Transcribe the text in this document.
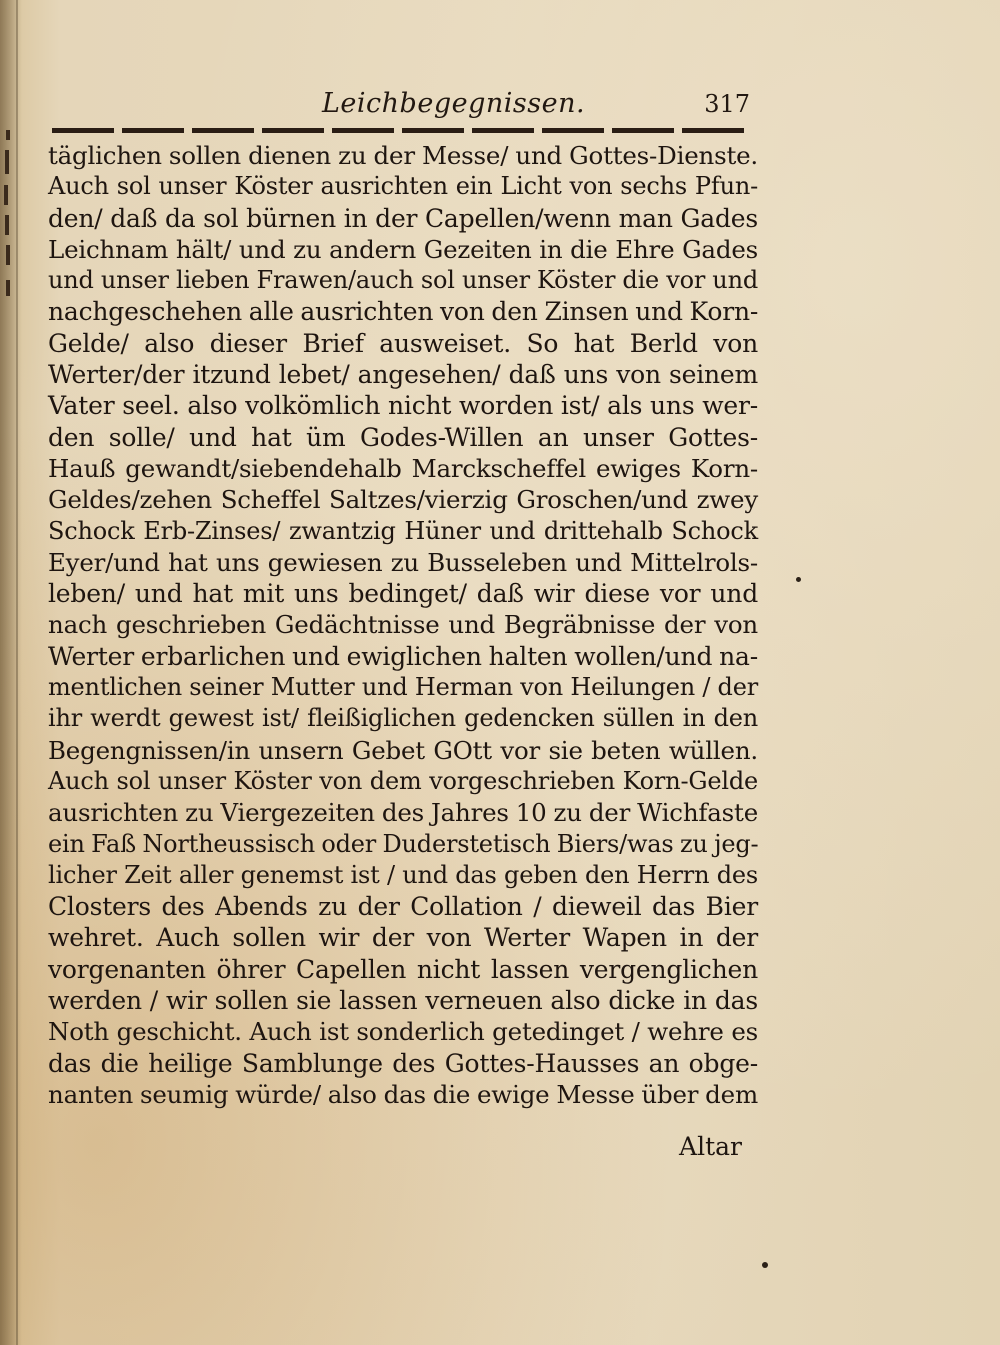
Leichbegegnissen.	317
täglichen sollen dienen zu der Messe/ und Gottes-Dienste.
Auch sol unser Köster ausrichten ein Licht von sechs Pfun-
den/ daß da sol bürnen in der Capellen/wenn man Gades
Leichnam hält/ und zu andern Gezeiten in die Ehre Gades
und unser lieben Frawen/auch sol unser Köster die vor und
nachgeschehen alle ausrichten von den Zinsen und Korn-
Gelde/ also dieser Brief ausweiset. So hat Berld von
Werter/der itzund lebet/ angesehen/ daß uns von seinem
Vater seel. also volkömlich nicht worden ist/ als uns wer-
den solle/ und hat üm Godes-Willen an unser Gottes-
Hauß gewandt/siebendehalb Marckscheffel ewiges Korn-
Geldes/zehen Scheffel Saltzes/vierzig Groschen/und zwey
Schock Erb-Zinses/ zwantzig Hüner und drittehalb Schock
Eyer/und hat uns gewiesen zu Busseleben und Mittelrols-
leben/ und hat mit uns bedinget/ daß wir diese vor und
nach geschrieben Gedächtnisse und Begräbnisse der von
Werter erbarlichen und ewiglichen halten wollen/und na-
mentlichen seiner Mutter und Herman von Heilungen / der
ihr werdt gewest ist/ fleißiglichen gedencken süllen in den
Begengnissen/in unsern Gebet GOtt vor sie beten wüllen.
Auch sol unser Köster von dem vorgeschrieben Korn-Gelde
ausrichten zu Viergezeiten des Jahres 10 zu der Wichfaste
ein Faß Northeussisch oder Duderstetisch Biers/was zu jeg-
licher Zeit aller genemst ist / und das geben den Herrn des
Closters des Abends zu der Collation / dieweil das Bier
wehret. Auch sollen wir der von Werter Wapen in der
vorgenanten öhrer Capellen nicht lassen vergenglichen
werden / wir sollen sie lassen verneuen also dicke in das
Noth geschicht. Auch ist sonderlich getedinget / wehre es
das die heilige Samblunge des Gottes-Hausses an obge-
nanten seumig würde/ also das die ewige Messe über dem
Altar
